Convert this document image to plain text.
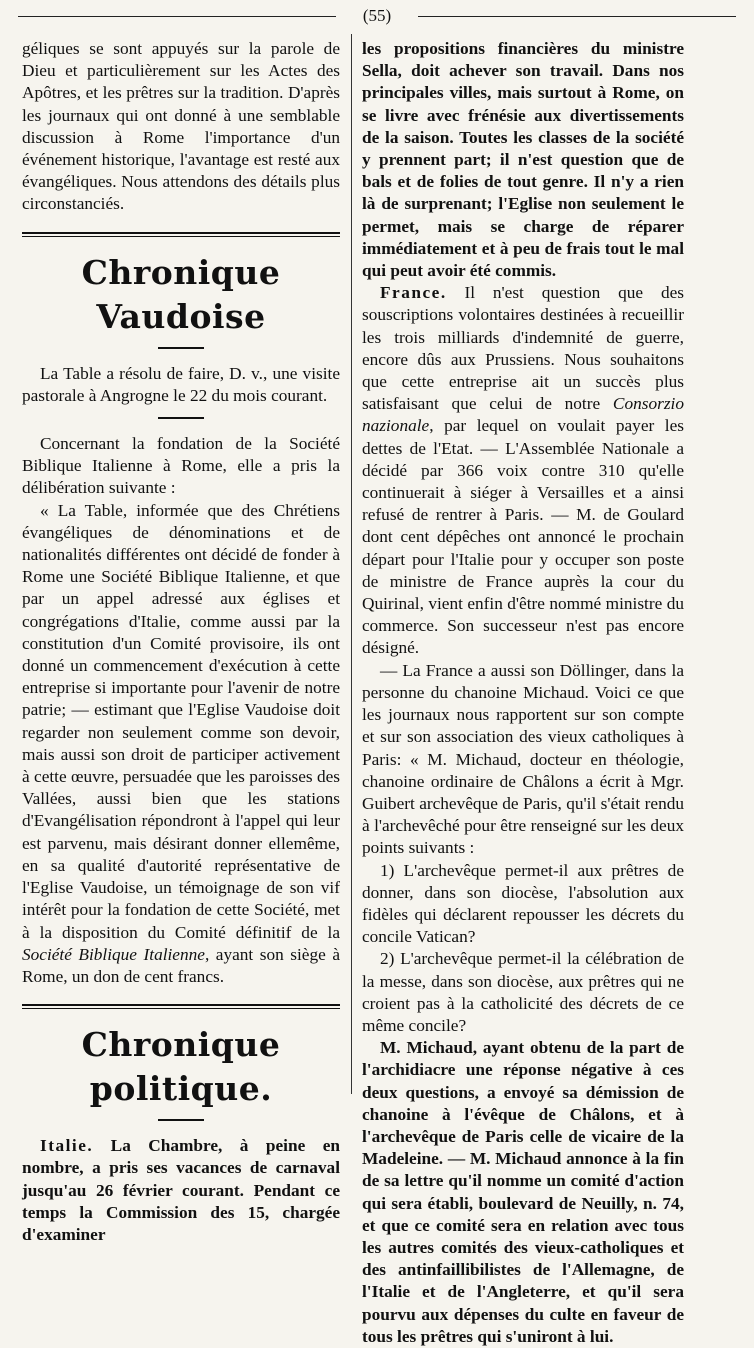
(55)

géliques se sont appuyés sur la parole de Dieu et particulièrement sur les Actes des Apôtres, et les prêtres sur la tradition. D'après les journaux qui ont donné à une semblable discussion à Rome l'importance d'un événement historique, l'avantage est resté aux évangéliques. Nous attendons des détails plus circonstanciés.

Chronique Vaudoise

La Table a résolu de faire, D. v., une visite pastorale à Angrogne le 22 du mois courant.

Concernant la fondation de la Société Biblique Italienne à Rome, elle a pris la délibération suivante :

« La Table, informée que des Chrétiens évangéliques de dénominations et de nationalités différentes ont décidé de fonder à Rome une Société Biblique Italienne, et que par un appel adressé aux églises et congrégations d'Italie, comme aussi par la constitution d'un Comité provisoire, ils ont donné un commencement d'exécution à cette entreprise si importante pour l'avenir de notre patrie; — estimant que l'Eglise Vaudoise doit regarder non seulement comme son devoir, mais aussi son droit de participer activement à cette œuvre, persuadée que les paroisses des Vallées, aussi bien que les stations d'Evangélisation répondront à l'appel qui leur est parvenu, mais désirant donner ellemême, en sa qualité d'autorité représentative de l'Eglise Vaudoise, un témoignage de son vif intérêt pour la fondation de cette Société, met à la disposition du Comité définitif de la Société Biblique Italienne, ayant son siège à Rome, un don de cent francs.

Chronique politique.

Italie. La Chambre, à peine en nombre, a pris ses vacances de carnaval jusqu'au 26 février courant. Pendant ce temps la Commission des 15, chargée d'examiner

les propositions financières du ministre Sella, doit achever son travail. Dans nos principales villes, mais surtout à Rome, on se livre avec frénésie aux divertissements de la saison. Toutes les classes de la société y prennent part; il n'est question que de bals et de folies de tout genre. Il n'y a rien là de surprenant; l'Eglise non seulement le permet, mais se charge de réparer immédiatement et à peu de frais tout le mal qui peut avoir été commis.

France. Il n'est question que des souscriptions volontaires destinées à recueillir les trois milliards d'indemnité de guerre, encore dûs aux Prussiens. Nous souhaitons que cette entreprise ait un succès plus satisfaisant que celui de notre Consorzio nazionale, par lequel on voulait payer les dettes de l'Etat. — L'Assemblée Nationale a décidé par 366 voix contre 310 qu'elle continuerait à siéger à Versailles et a ainsi refusé de rentrer à Paris. — M. de Goulard dont cent dépêches ont annoncé le prochain départ pour l'Italie pour y occuper son poste de ministre de France auprès la cour du Quirinal, vient enfin d'être nommé ministre du commerce. Son successeur n'est pas encore désigné.

— La France a aussi son Döllinger, dans la personne du chanoine Michaud. Voici ce que les journaux nous rapportent sur son compte et sur son association des vieux catholiques à Paris: « M. Michaud, docteur en théologie, chanoine ordinaire de Châlons a écrit à Mgr. Guibert archevêque de Paris, qu'il s'était rendu à l'archevêché pour être renseigné sur les deux points suivants :

1) L'archevêque permet-il aux prêtres de donner, dans son diocèse, l'absolution aux fidèles qui déclarent repousser les décrets du concile Vatican?

2) L'archevêque permet-il la célébration de la messe, dans son diocèse, aux prêtres qui ne croient pas à la catholicité des décrets de ce même concile?

M. Michaud, ayant obtenu de la part de l'archidiacre une réponse négative à ces deux questions, a envoyé sa démission de chanoine à l'évêque de Châlons, et à l'archevêque de Paris celle de vicaire de la Madeleine. — M. Michaud annonce à la fin de sa lettre qu'il nomme un comité d'action qui sera établi, boulevard de Neuilly, n. 74, et que ce comité sera en relation avec tous les autres comités des vieux-catholiques et des antinfaillibilistes de l'Allemagne, de l'Italie et de l'Angleterre, et qu'il sera pourvu aux dépenses du culte en faveur de tous les prêtres qui s'uniront à lui.
